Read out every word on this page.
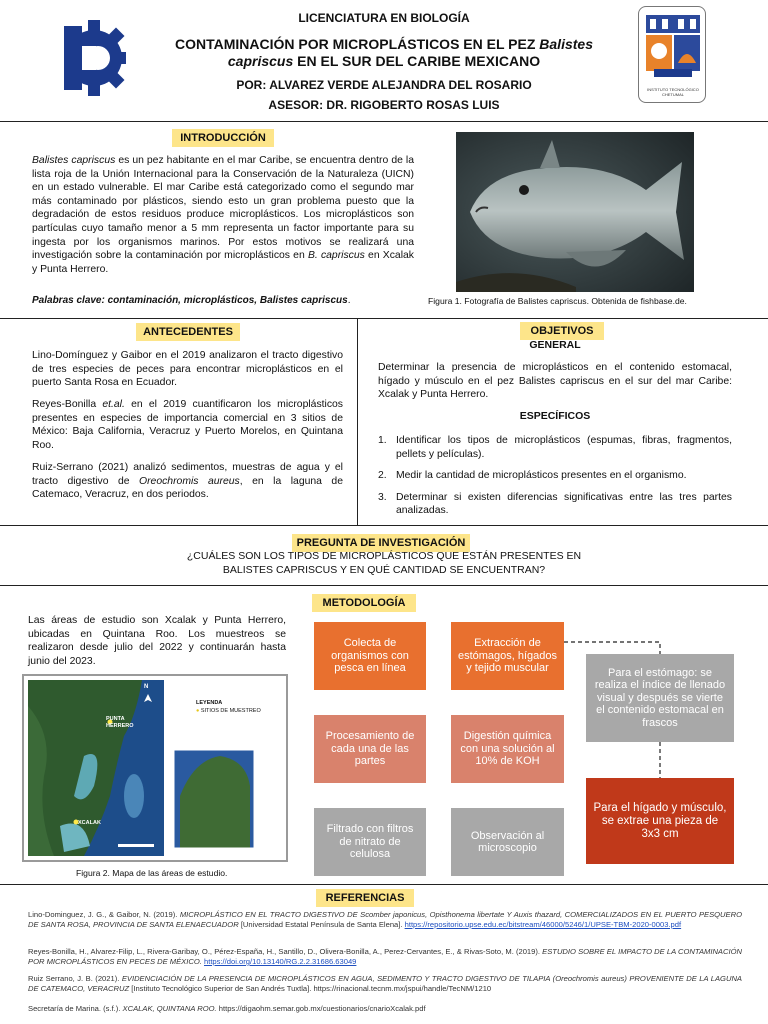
LICENCIATURA EN BIOLOGÍA
CONTAMINACIÓN POR MICROPLÁSTICOS EN EL PEZ Balistes
capriscus EN EL SUR DEL CARIBE MEXICANO
POR: ALVAREZ VERDE ALEJANDRA DEL ROSARIO
ASESOR: DR. RIGOBERTO ROSAS LUIS
INSTITUTO TECNOLÓGICO CHETUMAL
INTRODUCCIÓN
Balistes capriscus es un pez habitante en el mar Caribe, se encuentra dentro de la lista roja de la Unión Internacional para la Conservación de la Naturaleza (UICN) en un estado vulnerable. El mar Caribe está categorizado como el segundo mar más contaminado por plásticos, siendo esto un gran problema puesto que la degradación de estos residuos produce microplásticos. Los microplásticos son partículas cuyo tamaño menor a 5 mm representa un factor importante para su ingesta por los organismos marinos. Por estos motivos se realizará una investigación sobre la contaminación por microplásticos en B. capriscus en Xcalak y Punta Herrero.
Palabras clave: contaminación, microplásticos, Balistes capriscus.	Figura 1. Fotografía de Balistes capriscus. Obtenida de fishbase.de.
ANTECEDENTES
Lino-Domínguez y Gaibor en el 2019 analizaron el tracto digestivo de tres especies de peces para encontrar microplásticos en el puerto Santa Rosa en Ecuador.
Reyes-Bonilla et.al. en el 2019 cuantificaron los microplásticos presentes en especies de importancia comercial en 3 sitios de México: Baja California, Veracruz y Puerto Morelos, en Quintana Roo.
Ruiz-Serrano (2021) analizó sedimentos, muestras de agua y el tracto digestivo de Oreochromis aureus, en la laguna de Catemaco, Veracruz, en dos periodos.
OBJETIVOS
GENERAL
Determinar la presencia de microplásticos en el contenido estomacal, hígado y músculo en el pez Balistes capriscus en el sur del mar Caribe: Xcalak y Punta Herrero.
ESPECÍFICOS
1. Identificar los tipos de microplásticos (espumas, fibras, fragmentos, pellets y películas).
2. Medir la cantidad de microplásticos presentes en el organismo.
3. Determinar si existen diferencias significativas entre las tres partes analizadas.
PREGUNTA DE INVESTIGACIÓN
¿CUÁLES SON LOS TIPOS DE MICROPLÁSTICOS QUE ESTÁN PRESENTES EN
BALISTES CAPRISCUS Y EN QUÉ CANTIDAD SE ENCUENTRAN?
METODOLOGÍA
Las áreas de estudio son Xcalak y Punta Herrero, ubicadas en Quintana Roo. Los muestreos se realizaron desde julio del 2022 y continuarán hasta junio del 2023.
N
PUNTA HERRERO
XCALAK
LEYENDA
● SITIOS DE MUESTREO
Figura 2. Mapa de las áreas de estudio.
Colecta de organismos con pesca en línea
Extracción de estómagos, hígados y tejido muscular
Procesamiento de cada una de las partes
Digestión química con una solución al 10% de KOH
Filtrado con filtros de nitrato de celulosa
Observación al microscopio
Para el estómago: se realiza el índice de llenado visual y después se vierte el contenido estomacal en frascos
Para el hígado y músculo, se extrae una pieza de 3x3 cm
REFERENCIAS
Lino-Dominguez, J. G., & Gaibor, N. (2019). MICROPLÁSTICO EN EL TRACTO DIGESTIVO DE Scomber japonicus, Opisthonema libertate Y Auxis thazard, COMERCIALIZADOS EN EL PUERTO PESQUERO DE SANTA ROSA, PROVINCIA DE SANTA ELENAECUADOR [Universidad Estatal Península de Santa Elena]. https://repositorio.upse.edu.ec/bitstream/46000/5246/1/UPSE-TBM-2020-0003.pdf
Reyes-Bonilla, H., Alvarez-Filip, L., Rivera-Garibay, O., Pérez-España, H., Santillo, D., Olivera-Bonilla, A., Perez-Cervantes, E., & Rivas-Soto, M. (2019). ESTUDIO SOBRE EL IMPACTO DE LA CONTAMINACIÓN POR MICROPLÁSTICOS EN PECES DE MÉXICO. https://doi.org/10.13140/RG.2.2.31686.63049
Ruiz Serrano, J. B. (2021). EVIDENCIACIÓN DE LA PRESENCIA DE MICROPLÁSTICOS EN AGUA, SEDIMENTO Y TRACTO DIGESTIVO DE TILAPIA (Oreochromis aureus) PROVENIENTE DE LA LAGUNA DE CATEMACO, VERACRUZ [Instituto Tecnológico Superior de San Andrés Tuxtla]. https://rinacional.tecnm.mx/jspui/handle/TecNM/1210
Secretaría de Marina. (s.f.). XCALAK, QUINTANA ROO. https://digaohm.semar.gob.mx/cuestionarios/cnarioXcalak.pdf
